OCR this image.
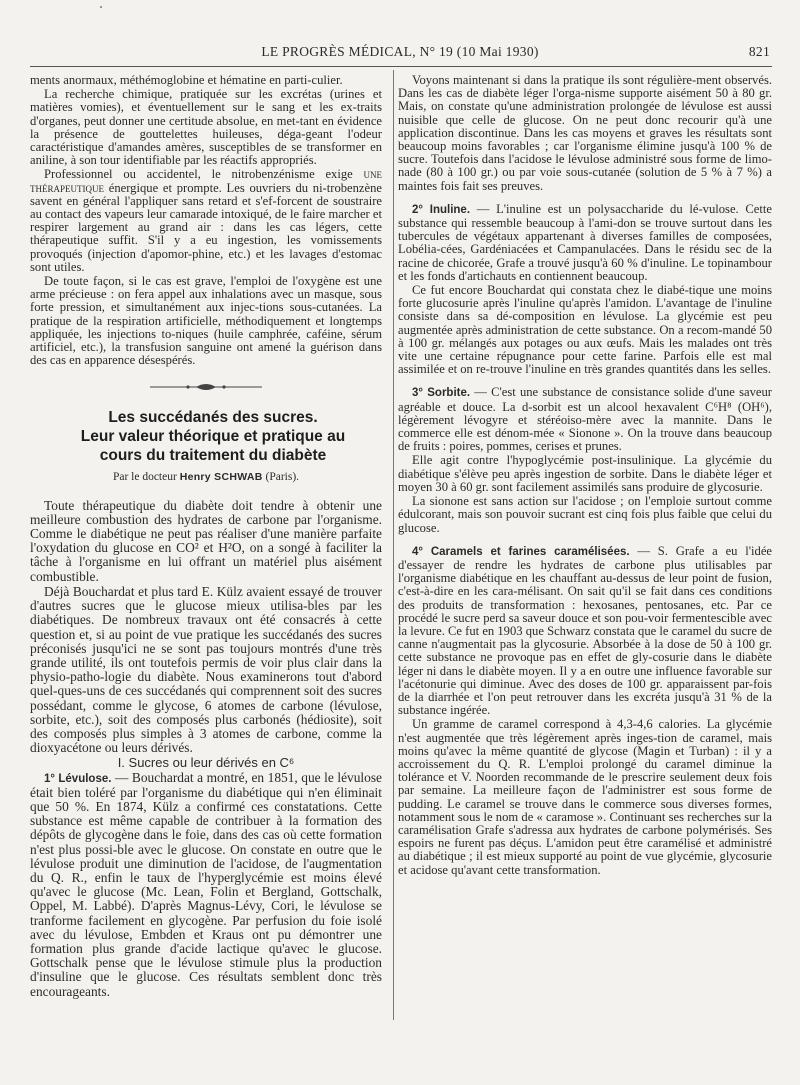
LE PROGRÈS MÉDICAL, N° 19 (10 Mai 1930)	821

ments anormaux, méthémoglobine et hématine en parti-culier.

La recherche chimique, pratiquée sur les excrétas (urines et matières vomies), et éventuellement sur le sang et les ex-traits d'organes, peut donner une certitude absolue, en met-tant en évidence la présence de gouttelettes huileuses, déga-geant l'odeur caractéristique d'amandes amères, susceptibles de se transformer en aniline, à son tour identifiable par les réactifs appropriés.

Professionnel ou accidentel, le nitrobenzénisme exige une thérapeutique énergique et prompte. Les ouvriers du ni-trobenzène savent en général l'appliquer sans retard et s'ef-forcent de soustraire au contact des vapeurs leur camarade intoxiqué, de le faire marcher et respirer largement au grand air : dans les cas légers, cette thérapeutique suffit. S'il y a eu ingestion, les vomissements provoqués (injection d'apomor-phine, etc.) et les lavages d'estomac sont utiles.

De toute façon, si le cas est grave, l'emploi de l'oxygène est une arme précieuse : on fera appel aux inhalations avec un masque, sous forte pression, et simultanément aux injec-tions sous-cutanées. La pratique de la respiration artificielle, méthodiquement et longtemps appliquée, les injections to-niques (huile camphrée, caféine, sérum artificiel, etc.), la transfusion sanguine ont amené la guérison dans des cas en apparence désespérés.

Les succédanés des sucres.

Leur valeur théorique et pratique au

cours du traitement du diabète

Par le docteur Henry SCHWAB (Paris).

Toute thérapeutique du diabète doit tendre à obtenir une meilleure combustion des hydrates de carbone par l'organisme. Comme le diabétique ne peut pas réaliser d'une manière parfaite l'oxydation du glucose en CO² et H²O, on a songé à faciliter la tâche à l'organisme en lui offrant un matériel plus aisément combustible.

Déjà Bouchardat et plus tard E. Külz avaient essayé de trouver d'autres sucres que le glucose mieux utilisa-bles par les diabétiques. De nombreux travaux ont été consacrés à cette question et, si au point de vue pratique les succédanés des sucres préconisés jusqu'ici ne se sont pas toujours montrés d'une très grande utilité, ils ont toutefois permis de voir plus clair dans la physio-patho-logie du diabète. Nous examinerons tout d'abord quel-ques-uns de ces succédanés qui comprennent soit des sucres possédant, comme le glycose, 6 atomes de carbone (lévulose, sorbite, etc.), soit des composés plus carbonés (hédiosite), soit des composés plus simples à 3 atomes de carbone, comme la dioxyacétone ou leurs dérivés.

I. Sucres ou leur dérivés en C⁶

1° Lévulose. — Bouchardat a montré, en 1851, que le lévulose était bien toléré par l'organisme du diabétique qui n'en éliminait que 50 %. En 1874, Külz a confirmé ces constatations. Cette substance est même capable de contribuer à la formation des dépôts de glycogène dans le foie, dans des cas où cette formation n'est plus possi-ble avec le glucose. On constate en outre que le lévulose produit une diminution de l'acidose, de l'augmentation du Q. R., enfin le taux de l'hyperglycémie est moins élevé qu'avec le glucose (Mc. Lean, Folin et Bergland, Gottschalk, Oppel, M. Labbé). D'après Magnus-Lévy, Cori, le lévulose se tranforme facilement en glycogène. Par perfusion du foie isolé avec du lévulose, Embden et Kraus ont pu démontrer une formation plus grande d'acide lactique qu'avec le glucose. Gottschalk pense que le lévulose stimule plus la production d'insuline que le glucose. Ces résultats semblent donc très encourageants.

Voyons maintenant si dans la pratique ils sont régulière-ment observés. Dans les cas de diabète léger l'orga-nisme supporte aisément 50 à 80 gr. Mais, on constate qu'une administration prolongée de lévulose est aussi nuisible que celle de glucose. On ne peut donc recourir qu'à une application discontinue. Dans les cas moyens et graves les résultats sont beaucoup moins favorables ; car l'organisme élimine jusqu'à 100 % de sucre. Toutefois dans l'acidose le lévulose administré sous forme de limo-nade (80 à 100 gr.) ou par voie sous-cutanée (solution de 5 % à 7 %) a maintes fois fait ses preuves.

2° Inuline. — L'inuline est un polysaccharide du lé-vulose. Cette substance qui ressemble beaucoup à l'ami-don se trouve surtout dans les tubercules de végétaux appartenant à diverses familles de composées, Lobélia-cées, Gardéniacées et Campanulacées. Dans le résidu sec de la racine de chicorée, Grafe a trouvé jusqu'à 60 % d'inuline. Le topinambour et les fonds d'artichauts en contiennent beaucoup.

Ce fut encore Bouchardat qui constata chez le diabé-tique une moins forte glucosurie après l'inuline qu'après l'amidon. L'avantage de l'inuline consiste dans sa dé-composition en lévulose. La glycémie est peu augmentée après administration de cette substance. On a recom-mandé 50 à 100 gr. mélangés aux potages ou aux œufs. Mais les malades ont très vite une certaine répugnance pour cette farine. Parfois elle est mal assimilée et on re-trouve l'inuline en très grandes quantités dans les selles.

3° Sorbite. — C'est une substance de consistance solide d'une saveur agréable et douce. La d-sorbit est un alcool hexavalent C⁶H⁸ (OH⁶), légèrement lévogyre et stéréoiso-mère avec la mannite. Dans le commerce elle est dénom-mée « Sionone ». On la trouve dans beaucoup de fruits : poires, pommes, cerises et prunes.

Elle agit contre l'hypoglycémie post-insulinique. La glycémie du diabétique s'élève peu après ingestion de sorbite. Dans le diabète léger et moyen 30 à 60 gr. sont facilement assimilés sans produire de glycosurie.

La sionone est sans action sur l'acidose ; on l'emploie surtout comme édulcorant, mais son pouvoir sucrant est cinq fois plus faible que celui du glucose.

4° Caramels et farines caramélisées. — S. Grafe a eu l'idée d'essayer de rendre les hydrates de carbone plus utilisables par l'organisme diabétique en les chauffant au-dessus de leur point de fusion, c'est-à-dire en les cara-mélisant. On sait qu'il se fait dans ces conditions des produits de transformation : hexosanes, pentosanes, etc. Par ce procédé le sucre perd sa saveur douce et son pou-voir fermentescible avec la levure. Ce fut en 1903 que Schwarz constata que le caramel du sucre de canne n'augmentait pas la glycosurie. Absorbée à la dose de 50 à 100 gr. cette substance ne provoque pas en effet de gly-cosurie dans le diabète léger ni dans le diabète moyen. Il y a en outre une influence favorable sur l'acétonurie qui diminue. Avec des doses de 100 gr. apparaissent par-fois de la diarrhée et l'on peut retrouver dans les excréta jusqu'à 31 % de la substance ingérée.

Un gramme de caramel correspond à 4,3-4,6 calories. La glycémie n'est augmentée que très légèrement après inges-tion de caramel, mais moins qu'avec la même quantité de glycose (Magin et Turban) : il y a accroissement du Q. R. L'emploi prolongé du caramel diminue la tolérance et V. Noorden recommande de le prescrire seulement deux fois par semaine. La meilleure façon de l'administrer est sous forme de pudding. Le caramel se trouve dans le commerce sous diverses formes, notamment sous le nom de « caramose ». Continuant ses recherches sur la caramélisation Grafe s'adressa aux hydrates de carbone polymérisés. Ses espoirs ne furent pas déçus. L'amidon peut être caramélisé et administré au diabétique ; il est mieux supporté au point de vue glycémie, glycosurie et acidose qu'avant cette transformation.
